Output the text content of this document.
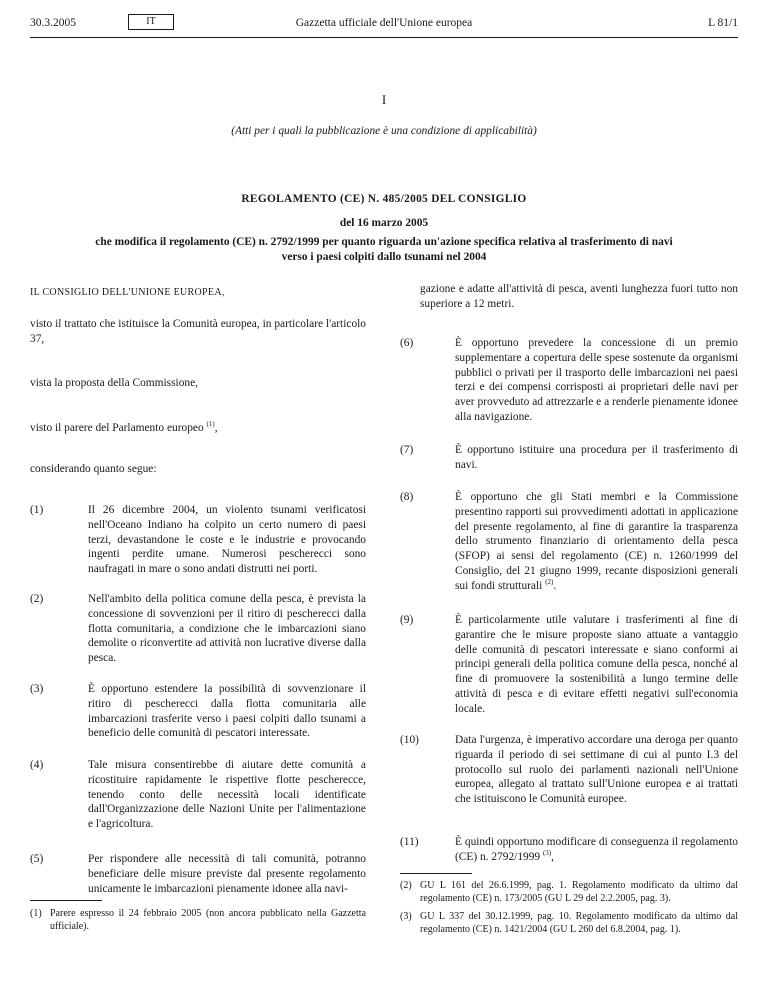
30.3.2005	IT	Gazzetta ufficiale dell'Unione europea	L 81/1
I
(Atti per i quali la pubblicazione è una condizione di applicabilità)
REGOLAMENTO (CE) N. 485/2005 DEL CONSIGLIO
del 16 marzo 2005
che modifica il regolamento (CE) n. 2792/1999 per quanto riguarda un'azione specifica relativa al trasferimento di navi verso i paesi colpiti dallo tsunami nel 2004

IL CONSIGLIO DELL'UNIONE EUROPEA,

visto il trattato che istituisce la Comunità europea, in particolare l'articolo 37,

vista la proposta della Commissione,

visto il parere del Parlamento europeo $^{(1)}$,

considerando quanto segue:

(1)	Il 26 dicembre 2004, un violento tsunami verificatosi nell'Oceano Indiano ha colpito un certo numero di paesi terzi, devastandone le coste e le industrie e provocando ingenti perdite umane. Numerosi pescherecci sono naufragati in mare o sono andati distrutti nei porti.
(2)	Nell'ambito della politica comune della pesca, è prevista la concessione di sovvenzioni per il ritiro di pescherecci dalla flotta comunitaria, a condizione che le imbarcazioni siano demolite o riconvertite ad attività non lucrative diverse dalla pesca.
(3)	È opportuno estendere la possibilità di sovvenzionare il ritiro di pescherecci dalla flotta comunitaria alle imbarcazioni trasferite verso i paesi colpiti dallo tsunami a beneficio delle comunità di pescatori interessate.
(4)	Tale misura consentirebbe di aiutare dette comunità a ricostituire rapidamente le rispettive flotte pescherecce, tenendo conto delle necessità locali identificate dall'Organizzazione delle Nazioni Unite per l'alimentazione e l'agricoltura.
(5)	Per rispondere alle necessità di tali comunità, potranno beneficiare delle misure previste dal presente regolamento unicamente le imbarcazioni pienamente idonee alla navi-
(1) Parere espresso il 24 febbraio 2005 (non ancora pubblicato nella Gazzetta ufficiale).

gazione e adatte all'attività di pesca, aventi lunghezza fuori tutto non superiore a 12 metri.

(6)	È opportuno prevedere la concessione di un premio supplementare a copertura delle spese sostenute da organismi pubblici o privati per il trasporto delle imbarcazioni nei paesi terzi e dei compensi corrisposti ai proprietari delle navi per aver provveduto ad attrezzarle e a renderle pienamente idonee alla navigazione.
(7)	È opportuno istituire una procedura per il trasferimento di navi.
(8)	È opportuno che gli Stati membri e la Commissione presentino rapporti sui provvedimenti adottati in applicazione del presente regolamento, al fine di garantire la trasparenza dello strumento finanziario di orientamento della pesca (SFOP) ai sensi del regolamento (CE) n. 1260/1999 del Consiglio, del 21 giugno 1999, recante disposizioni generali sui fondi strutturali $^{(2)}$.
(9)	È particolarmente utile valutare i trasferimenti al fine di garantire che le misure proposte siano attuate a vantaggio delle comunità di pescatori interessate e siano conformi ai principi generali della politica comune della pesca, nonché al fine di promuovere la sostenibilità a lungo termine delle attività di pesca e di evitare effetti negativi sull'economia locale.
(10)	Data l'urgenza, è imperativo accordare una deroga per quanto riguarda il periodo di sei settimane di cui al punto I.3 del protocollo sul ruolo dei parlamenti nazionali nell'Unione europea, allegato al trattato sull'Unione europea e ai trattati che istituiscono le Comunità europee.
(11)	È quindi opportuno modificare di conseguenza il regolamento (CE) n. 2792/1999 $^{(3)}$,
(2) GU L 161 del 26.6.1999, pag. 1. Regolamento modificato da ultimo dal regolamento (CE) n. 173/2005 (GU L 29 del 2.2.2005, pag. 3).
(3) GU L 337 del 30.12.1999, pag. 10. Regolamento modificato da ultimo dal regolamento (CE) n. 1421/2004 (GU L 260 del 6.8.2004, pag. 1).
